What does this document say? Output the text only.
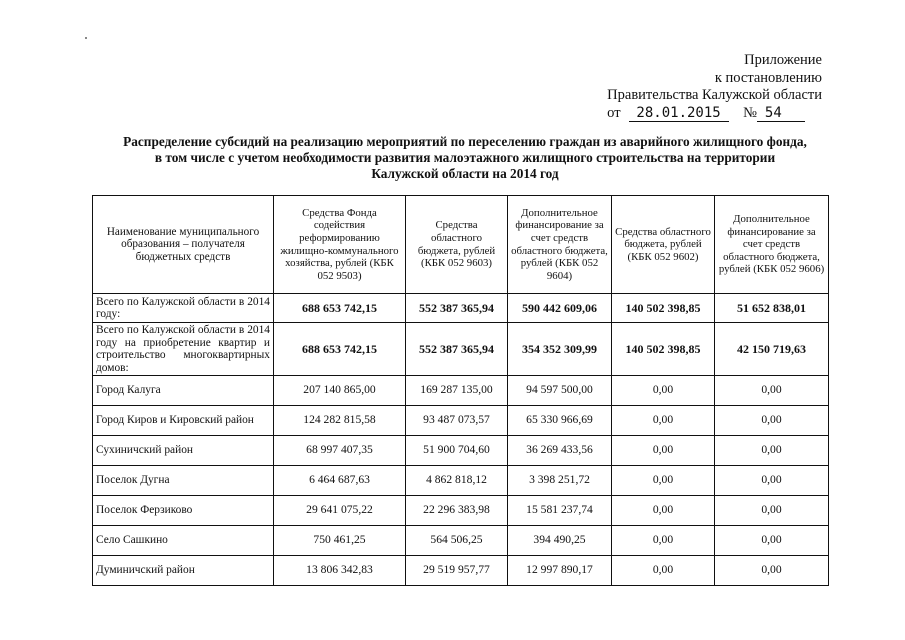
Приложение
к постановлению
Правительства Калужской области
от 28.01.2015 № 54
Распределение субсидий на реализацию мероприятий по переселению граждан из аварийного жилищного фонда,
в том числе с учетом необходимости развития малоэтажного жилищного строительства на территории
Калужской области на 2014 год
Наименование муниципального образования – получателя бюджетных средств	Средства Фонда содействия реформированию жилищно-коммунального хозяйства, рублей (КБК 052 9503)	Средства областного бюджета, рублей (КБК 052 9603)	Дополнительное финансирование за счет средств областного бюджета, рублей (КБК 052 9604)	Средства областного бюджета, рублей (КБК 052 9602)	Дополнительное финансирование за счет средств областного бюджета, рублей (КБК 052 9606)
Всего по Калужской области в 2014 году:	688 653 742,15	552 387 365,94	590 442 609,06	140 502 398,85	51 652 838,01
Всего по Калужской области в 2014 году на приобретение квартир и строительство многоквартирных домов:	688 653 742,15	552 387 365,94	354 352 309,99	140 502 398,85	42 150 719,63
Город Калуга	207 140 865,00	169 287 135,00	94 597 500,00	0,00	0,00
Город Киров и Кировский район	124 282 815,58	93 487 073,57	65 330 966,69	0,00	0,00
Сухиничский район	68 997 407,35	51 900 704,60	36 269 433,56	0,00	0,00
Поселок Дугна	6 464 687,63	4 862 818,12	3 398 251,72	0,00	0,00
Поселок Ферзиково	29 641 075,22	22 296 383,98	15 581 237,74	0,00	0,00
Село Сашкино	750 461,25	564 506,25	394 490,25	0,00	0,00
Думиничский район	13 806 342,83	29 519 957,77	12 997 890,17	0,00	0,00
